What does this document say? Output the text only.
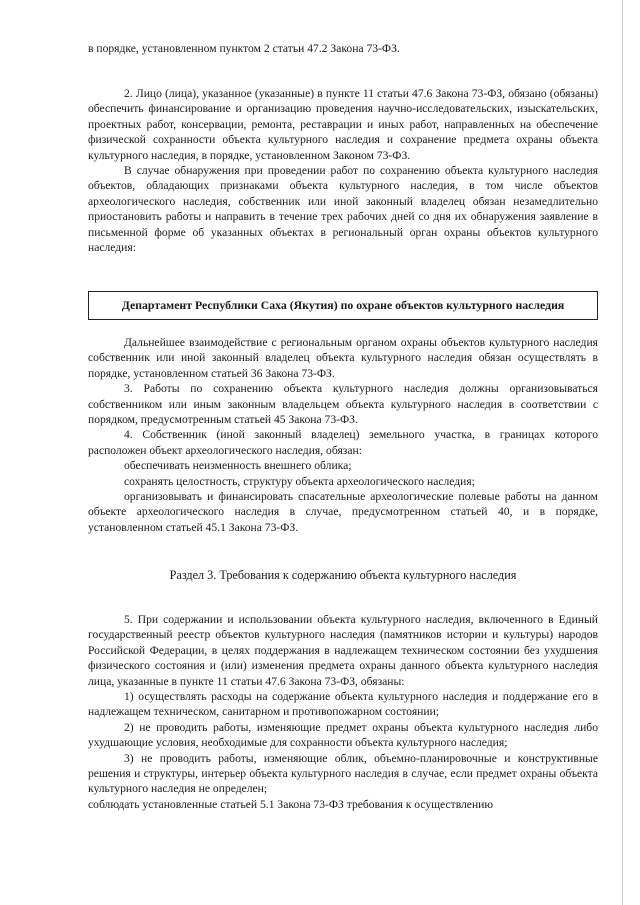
в порядке, установленном пунктом 2 статьи 47.2 Закона 73-ФЗ.

2. Лицо (лица), указанное (указанные) в пункте 11 статьи 47.6 Закона 73-ФЗ, обязано (обязаны) обеспечить финансирование и организацию проведения научно-исследовательских, изыскательских, проектных работ, консервации, ремонта, реставрации и иных работ, направленных на обеспечение физической сохранности объекта культурного наследия и сохранение предмета охраны объекта культурного наследия, в порядке, установленном Законом 73-ФЗ.

В случае обнаружения при проведении работ по сохранению объекта культурного наследия объектов, обладающих признаками объекта культурного наследия, в том числе объектов археологического наследия, собственник или иной законный владелец обязан незамедлительно приостановить работы и направить в течение трех рабочих дней со дня их обнаружения заявление в письменной форме об указанных объектах в региональный орган охраны объектов культурного наследия:

Департамент Республики Саха (Якутия) по охране объектов культурного наследия

Дальнейшее взаимодействие с региональным органом охраны объектов культурного наследия собственник или иной законный владелец объекта культурного наследия обязан осуществлять в порядке, установленном статьей 36 Закона 73-ФЗ.

3. Работы по сохранению объекта культурного наследия должны организовываться собственником или иным законным владельцем объекта культурного наследия в соответствии с порядком, предусмотренным статьей 45 Закона 73-ФЗ.

4. Собственник (иной законный владелец) земельного участка, в границах которого расположен объект археологического наследия, обязан:

обеспечивать неизменность внешнего облика;

сохранять целостность, структуру объекта археологического наследия;

организовывать и финансировать спасательные археологические полевые работы на данном объекте археологического наследия в случае, предусмотренном статьей 40, и в порядке, установленном статьей 45.1 Закона 73-ФЗ.

Раздел 3. Требования к содержанию объекта культурного наследия

5. При содержании и использовании объекта культурного наследия, включенного в Единый государственный реестр объектов культурного наследия (памятников истории и культуры) народов Российской Федерации, в целях поддержания в надлежащем техническом состоянии без ухудшения физического состояния и (или) изменения предмета охраны данного объекта культурного наследия лица, указанные в пункте 11 статьи 47.6 Закона 73-ФЗ, обязаны:

1) осуществлять расходы на содержание объекта культурного наследия и поддержание его в надлежащем техническом, санитарном и противопожарном состоянии;

2) не проводить работы, изменяющие предмет охраны объекта культурного наследия либо ухудшающие условия, необходимые для сохранности объекта культурного наследия;

3) не проводить работы, изменяющие облик, объемно-планировочные и конструктивные решения и структуры, интерьер объекта культурного наследия в случае, если предмет охраны объекта культурного наследия не определен;

соблюдать установленные статьей 5.1 Закона 73-ФЗ требования к осуществлению
